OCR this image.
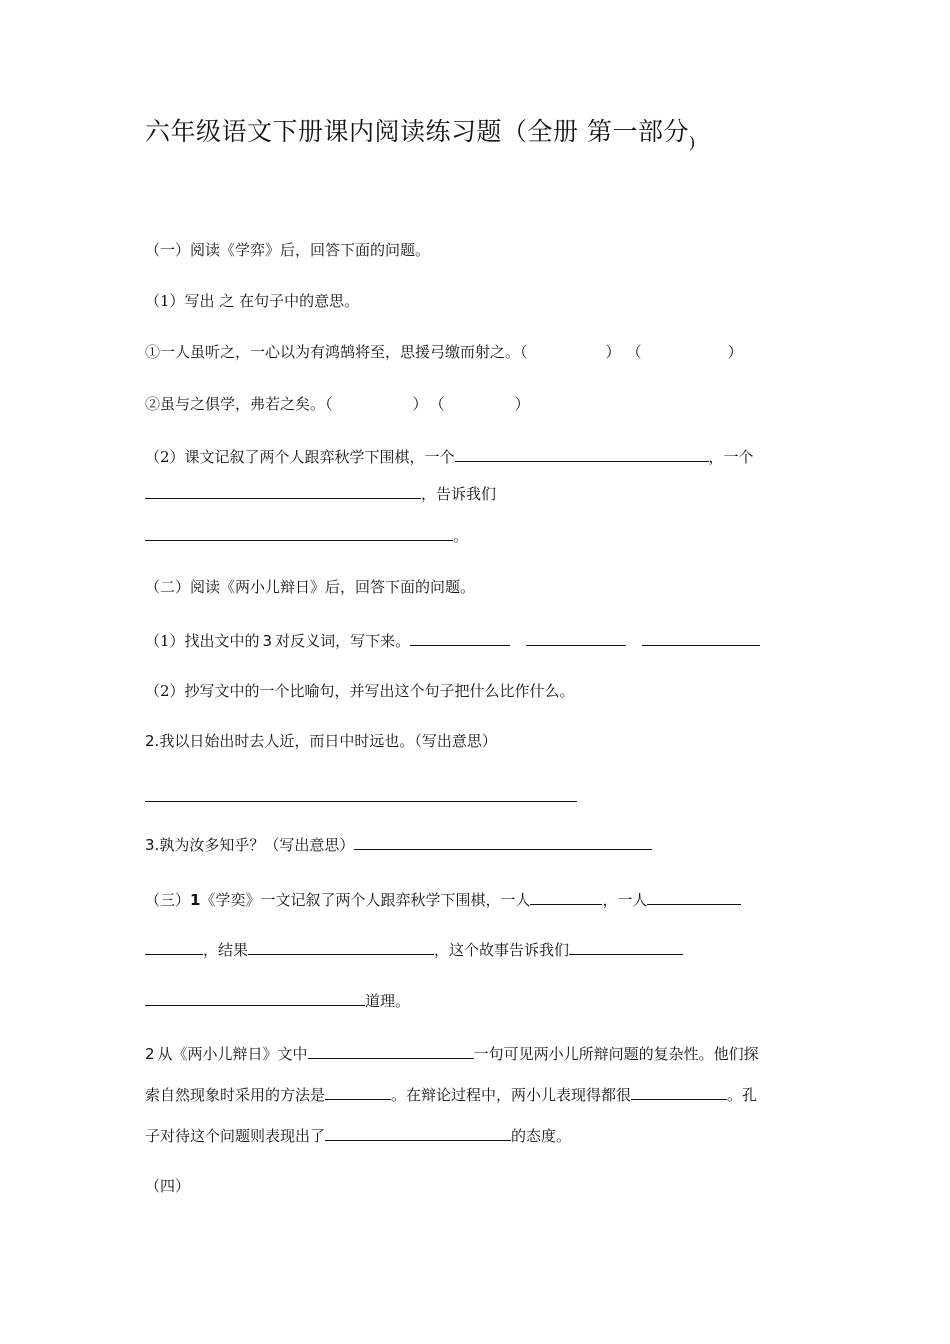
六年级语文下册课内阅读练习题（全册 第一部分$_)$
（一）阅读《学弈》后，回答下面的问题。
（1）写出 之 在句子中的意思。
①一人虽听之，一心以为有鸿鹄将至，思援弓缴而射之。（	） （	）
②虽与之俱学，弗若之矣。（	） （	）
（2）课文记叙了两个人跟弈秋学下围棋，一个	，一个
，告诉我们
。
（二）阅读《两小儿辩日》后，回答下面的问题。
（1）找出文中的 3 对反义词，写下来。
（2）抄写文中的一个比喻句，并写出这个句子把什么比作什么。
2.我以日始出时去人近，而日中时远也。（写出意思）
3.孰为汝多知乎？（写出意思）
（三）1《学奕》一文记叙了两个人跟弈秋学下围棋，一人	，一人
，结果	，这个故事告诉我们
道理。
2 从《两小儿辩日》文中	一句可见两小儿所辩问题的复杂性。他们探
索自然现象时采用的方法是	。在辩论过程中，两小儿表现得都很	。孔
子对待这个问题则表现出了	的态度。
（四）
